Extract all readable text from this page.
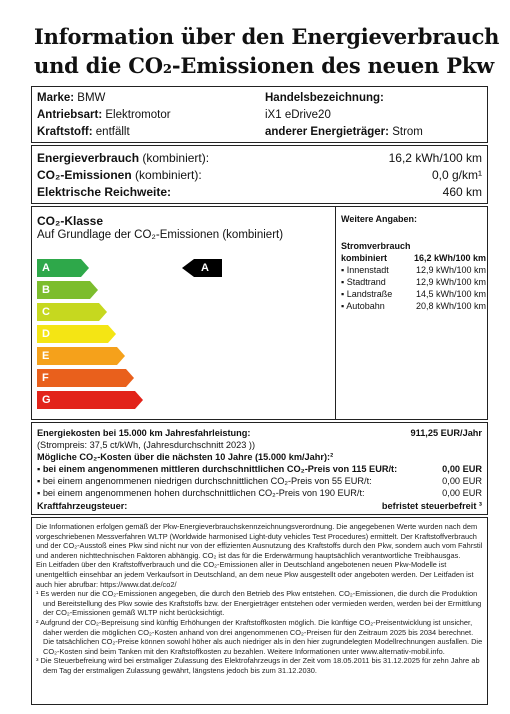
Information über den Energieverbrauch
und die CO₂-Emissionen des neuen Pkw
Marke: BMW
Antriebsart: Elektromotor
Kraftstoff: entfällt
Handelsbezeichnung:
iX1 eDrive20
anderer Energieträger: Strom
Energieverbrauch (kombiniert):	16,2 kWh/100 km
CO₂-Emissionen (kombiniert):	0,0 g/km¹
Elektrische Reichweite:	460 km
CO₂-Klasse
Auf Grundlage der CO₂-Emissionen (kombiniert)
A
B
C
D
E
F
G
A
Weitere Angaben:
Stromverbrauch
kombiniert	16,2 kWh/100 km
▪ Innenstadt	12,9 kWh/100 km
▪ Stadtrand	12,9 kWh/100 km
▪ Landstraße	14,5 kWh/100 km
▪ Autobahn	20,8 kWh/100 km
Energiekosten bei 15.000 km Jahresfahrleistung:	911,25 EUR/Jahr
(Strompreis: 37,5 ct/kWh, (Jahresdurchschnitt 2023 ))
Mögliche CO₂-Kosten über die nächsten 10 Jahre (15.000 km/Jahr):²
▪ bei einem angenommenen mittleren durchschnittlichen CO₂-Preis von 115 EUR/t:	0,00 EUR
▪ bei einem angenommenen niedrigen durchschnittlichen CO₂-Preis von 55 EUR/t:	0,00 EUR
▪ bei einem angenommenen hohen durchschnittlichen CO₂-Preis von 190 EUR/t:	0,00 EUR
Kraftfahrzeugsteuer:	befristet steuerbefreit ³

Die Informationen erfolgen gemäß der Pkw-Energieverbrauchskennzeichnungsverordnung. Die angegebenen Werte wurden nach dem vorgeschriebenen Messverfahren WLTP (Worldwide harmonised Light-duty vehicles Test Procedures) ermittelt. Der Kraftstoffverbrauch und der CO₂-Ausstoß eines Pkw sind nicht nur von der effizienten Ausnutzung des Kraftstoffs durch den Pkw, sondern auch vom Fahrstil und anderen nichttechnischen Faktoren abhängig. CO₂ ist das für die Erderwärmung hauptsächlich verantwortliche Treibhausgas.

Ein Leitfaden über den Kraftstoffverbrauch und die CO₂-Emissionen aller in Deutschland angebotenen neuen Pkw-Modelle ist unentgeltlich einsehbar an jedem Verkaufsort in Deutschland, an dem neue Pkw ausgestellt oder angeboten werden. Der Leitfaden ist auch hier abrufbar: https://www.dat.de/co2/

¹ Es werden nur die CO₂-Emissionen angegeben, die durch den Betrieb des Pkw entstehen. CO₂-Emissionen, die durch die Produktion und Bereitstellung des Pkw sowie des Kraftstoffs bzw. der Energieträger entstehen oder vermieden werden, werden bei der Ermittlung der CO₂-Emissionen gemäß WLTP nicht berücksichtigt.

² Aufgrund der CO₂-Bepreisung sind künftig Erhöhungen der Kraftstoffkosten möglich. Die künftige CO₂-Preisentwicklung ist unsicher, daher werden die möglichen CO₂-Kosten anhand von drei angenommenen CO₂-Preisen für den Zeitraum 2025 bis 2034 berechnet. Die tatsächlichen CO₂-Preise können sowohl höher als auch niedriger als in den hier zugrundelegten Modellrechnungen ausfallen. Die CO₂-Kosten sind beim Tanken mit den Kraftstoffkosten zu bezahlen. Weitere Informationen unter www.alternativ-mobil.info.

³ Die Steuerbefreiung wird bei erstmaliger Zulassung des Elektrofahrzeugs in der Zeit vom 18.05.2011 bis 31.12.2025 für zehn Jahre ab dem Tag der erstmaligen Zulassung gewährt, längstens jedoch bis zum 31.12.2030.
